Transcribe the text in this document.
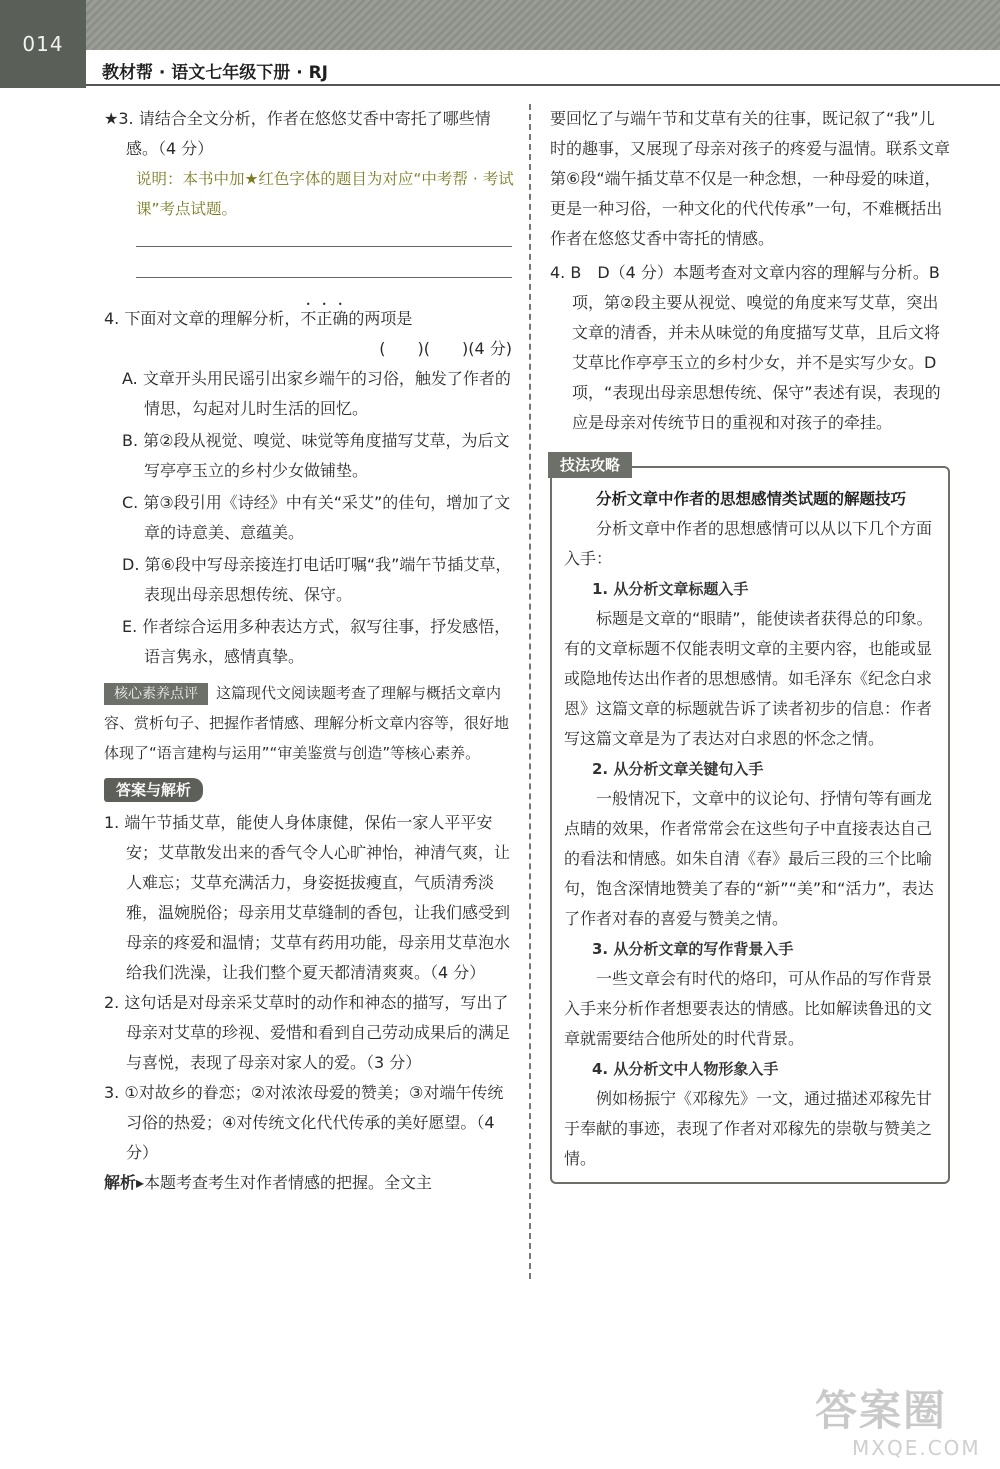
014
教材帮 · 语文七年级下册 · RJ

★3. 请结合全文分析，作者在悠悠艾香中寄托了哪些情感。（4 分）

说明：本书中加★红色字体的题目为对应“中考帮 · 考试课”考点试题。

4. 下面对文章的理解分析，不正确的两项是

(　　)(　　)(4 分)

A. 文章开头用民谣引出家乡端午的习俗，触发了作者的情思，勾起对儿时生活的回忆。

B. 第②段从视觉、嗅觉、味觉等角度描写艾草，为后文写亭亭玉立的乡村少女做铺垫。

C. 第③段引用《诗经》中有关“采艾”的佳句，增加了文章的诗意美、意蕴美。

D. 第⑥段中写母亲接连打电话叮嘱“我”端午节插艾草，表现出母亲思想传统、保守。

E. 作者综合运用多种表达方式，叙写往事，抒发感悟，语言隽永，感情真挚。

核心素养点评 这篇现代文阅读题考查了理解与概括文章内容、赏析句子、把握作者情感、理解分析文章内容等，很好地体现了“语言建构与运用”“审美鉴赏与创造”等核心素养。
答案与解析

1. 端午节插艾草，能使人身体康健，保佑一家人平平安安；艾草散发出来的香气令人心旷神怡，神清气爽，让人难忘；艾草充满活力，身姿挺拔瘦直，气质清秀淡雅，温婉脱俗；母亲用艾草缝制的香包，让我们感受到母亲的疼爱和温情；艾草有药用功能，母亲用艾草泡水给我们洗澡，让我们整个夏天都清清爽爽。（4 分）

2. 这句话是对母亲采艾草时的动作和神态的描写，写出了母亲对艾草的珍视、爱惜和看到自己劳动成果后的满足与喜悦，表现了母亲对家人的爱。（3 分）

3. ①对故乡的眷恋；②对浓浓母爱的赞美；③对端午传统习俗的热爱；④对传统文化代代传承的美好愿望。（4 分）

解析▸本题考查考生对作者情感的把握。全文主

要回忆了与端午节和艾草有关的往事，既记叙了“我”儿时的趣事，又展现了母亲对孩子的疼爱与温情。联系文章第⑥段“端午插艾草不仅是一种念想，一种母爱的味道，更是一种习俗，一种文化的代代传承”一句，不难概括出作者在悠悠艾香中寄托的情感。

4. B　D（4 分）本题考查对文章内容的理解与分析。B 项，第②段主要从视觉、嗅觉的角度来写艾草，突出文章的清香，并未从味觉的角度描写艾草，且后文将艾草比作亭亭玉立的乡村少女，并不是实写少女。D 项，“表现出母亲思想传统、保守”表述有误，表现的应是母亲对传统节日的重视和对孩子的牵挂。

技法攻略
分析文章中作者的思想感情类试题的解题技巧

分析文章中作者的思想感情可以从以下几个方面入手：

1. 从分析文章标题入手

标题是文章的“眼睛”，能使读者获得总的印象。有的文章标题不仅能表明文章的主要内容，也能或显或隐地传达出作者的思想感情。如毛泽东《纪念白求恩》这篇文章的标题就告诉了读者初步的信息：作者写这篇文章是为了表达对白求恩的怀念之情。

2. 从分析文章关键句入手

一般情况下，文章中的议论句、抒情句等有画龙点睛的效果，作者常常会在这些句子中直接表达自己的看法和情感。如朱自清《春》最后三段的三个比喻句，饱含深情地赞美了春的“新”“美”和“活力”，表达了作者对春的喜爱与赞美之情。

3. 从分析文章的写作背景入手

一些文章会有时代的烙印，可从作品的写作背景入手来分析作者想要表达的情感。比如解读鲁迅的文章就需要结合他所处的时代背景。

4. 从分析文中人物形象入手

例如杨振宁《邓稼先》一文，通过描述邓稼先甘于奉献的事迹，表现了作者对邓稼先的崇敬与赞美之情。

答案圈
MXQE.COM
